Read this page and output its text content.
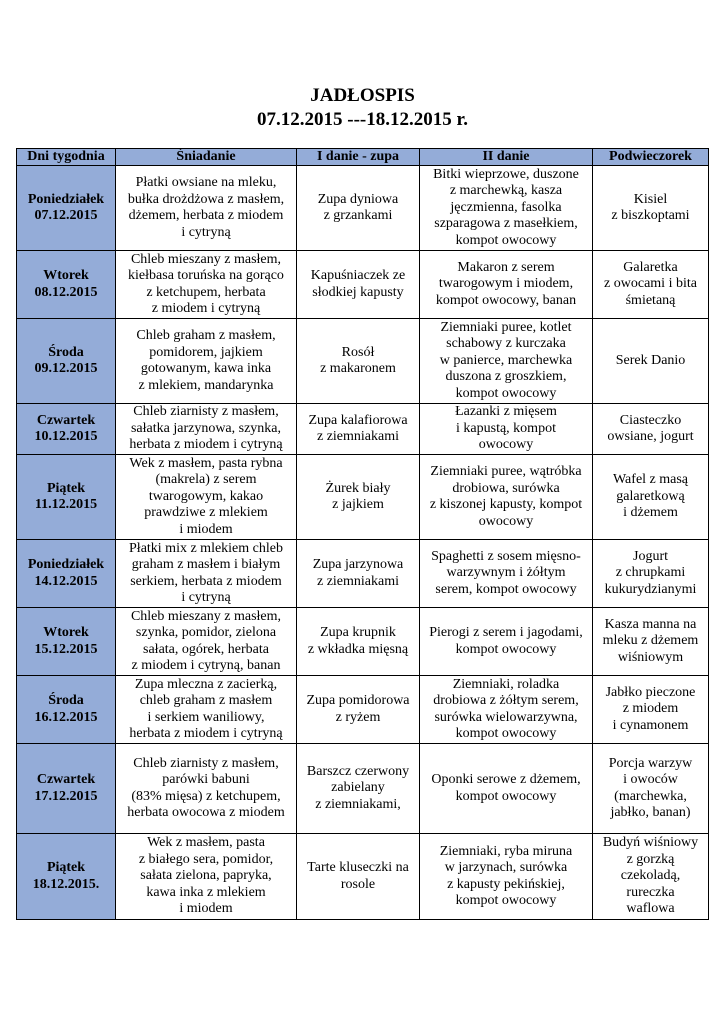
JADŁOSPIS
07.12.2015 ---18.12.2015 r.
Dni tygodnia	Śniadanie	I danie - zupa	II danie	Podwieczorek

Poniedziałek
07.12.2015	Płatki owsiane na mleku,
bułka drożdżowa z masłem,
dżemem, herbata z miodem
i cytryną	Zupa dyniowa
z grzankami	Bitki wieprzowe, duszone
z marchewką, kasza
jęczmienna, fasolka
szparagowa z masełkiem,
kompot owocowy	Kisiel
z biszkoptami

Wtorek
08.12.2015	Chleb mieszany z masłem,
kiełbasa toruńska na gorąco
z ketchupem, herbata
z miodem i cytryną	Kapuśniaczek ze
słodkiej kapusty	Makaron z serem
twarogowym i miodem,
kompot owocowy, banan	Galaretka
z owocami i bita
śmietaną

Środa
09.12.2015	Chleb graham z masłem,
pomidorem, jajkiem
gotowanym, kawa inka
z mlekiem, mandarynka	Rosół
z makaronem	Ziemniaki puree, kotlet
schabowy z kurczaka
w panierce, marchewka
duszona z groszkiem,
kompot owocowy	Serek Danio

Czwartek
10.12.2015	Chleb ziarnisty z masłem,
sałatka jarzynowa, szynka,
herbata z miodem i cytryną	Zupa kalafiorowa
z ziemniakami	Łazanki z mięsem
i kapustą, kompot
owocowy	Ciasteczko
owsiane, jogurt

Piątek
11.12.2015	Wek z masłem, pasta rybna
(makrela) z serem
twarogowym, kakao
prawdziwe z mlekiem
i miodem	Żurek biały
z jajkiem	Ziemniaki puree, wątróbka
drobiowa, surówka
z kiszonej kapusty, kompot
owocowy	Wafel z masą
galaretkową
i dżemem

Poniedziałek
14.12.2015	Płatki mix z mlekiem chleb
graham z masłem i białym
serkiem, herbata z miodem
i cytryną	Zupa jarzynowa
z ziemniakami	Spaghetti z sosem mięsno-
warzywnym i żółtym
serem, kompot owocowy	Jogurt
z chrupkami
kukurydzianymi

Wtorek
15.12.2015	Chleb mieszany z masłem,
szynka, pomidor, zielona
sałata, ogórek, herbata
z miodem i cytryną, banan	Zupa krupnik
z wkładka mięsną	Pierogi z serem i jagodami,
kompot owocowy	Kasza manna na
mleku z dżemem
wiśniowym

Środa
16.12.2015	Zupa mleczna z zacierką,
chleb graham z masłem
i serkiem waniliowy,
herbata z miodem i cytryną	Zupa pomidorowa
z ryżem	Ziemniaki, roladka
drobiowa z żółtym serem,
surówka wielowarzywna,
kompot owocowy	Jabłko pieczone
z miodem
i cynamonem

Czwartek
17.12.2015	Chleb ziarnisty z masłem,
parówki babuni
(83% mięsa) z ketchupem,
herbata owocowa z miodem	Barszcz czerwony
zabielany
z ziemniakami,	Oponki serowe z dżemem,
kompot owocowy	Porcja warzyw
i owoców
(marchewka,
jabłko, banan)

Piątek
18.12.2015.	Wek z masłem, pasta
z białego sera, pomidor,
sałata zielona, papryka,
kawa inka z mlekiem
i miodem	Tarte kluseczki na
rosole	Ziemniaki, ryba miruna
w jarzynach, surówka
z kapusty pekińskiej,
kompot owocowy	Budyń wiśniowy
z gorzką
czekoladą,
rureczka
waflowa
